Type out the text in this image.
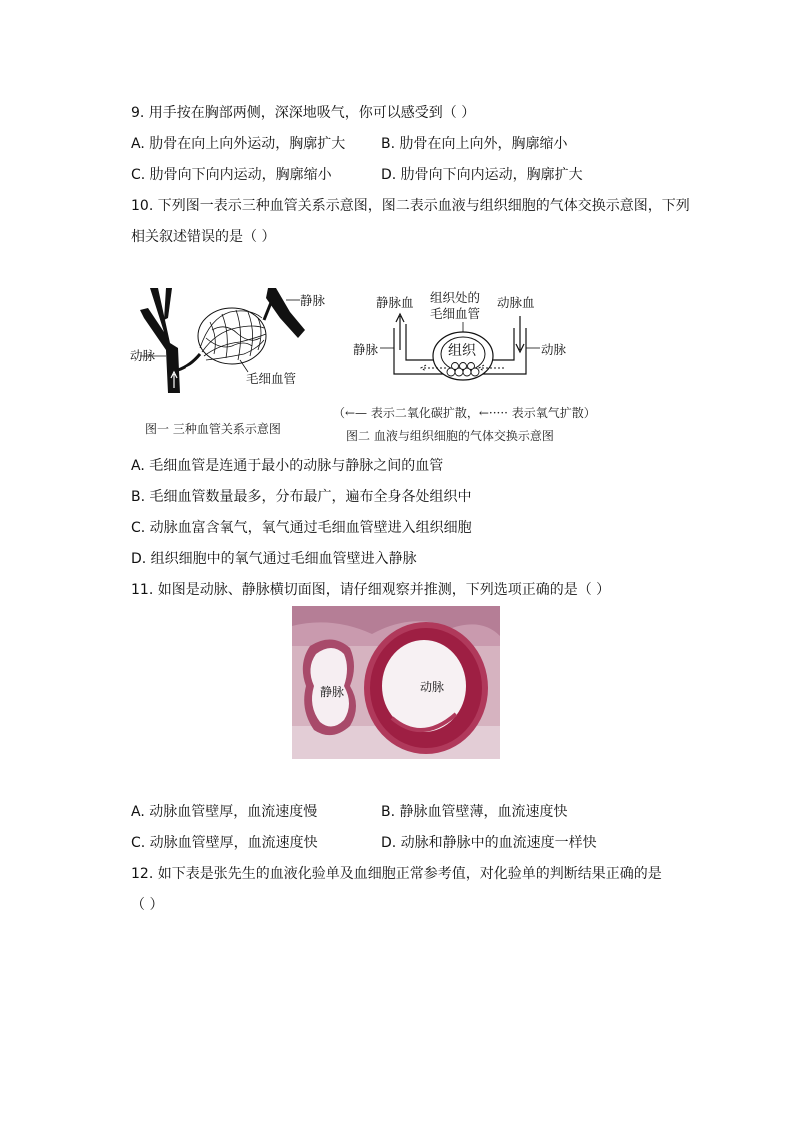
9. 用手按在胸部两侧，深深地吸气，你可以感受到（ ）
A. 肋骨在向上向外运动，胸廓扩大	B. 肋骨在向上向外，胸廓缩小
C. 肋骨向下向内运动，胸廓缩小	D. 肋骨向下向内运动，胸廓扩大
10. 下列图一表示三种血管关系示意图，图二表示血液与组织细胞的气体交换示意图，下列
相关叙述错误的是（ ）
静脉
动脉
毛细血管
图一 三种血管关系示意图
静脉血 组织处的
毛细血管
动脉血
静脉	动脉
组织
（←— 表示二氧化碳扩散，←····· 表示氧气扩散）
图二 血液与组织细胞的气体交换示意图
A. 毛细血管是连通于最小的动脉与静脉之间的血管
B. 毛细血管数量最多，分布最广，遍布全身各处组织中
C. 动脉血富含氧气，氧气通过毛细血管壁进入组织细胞
D. 组织细胞中的氧气通过毛细血管壁进入静脉
11. 如图是动脉、静脉横切面图，请仔细观察并推测，下列选项正确的是（ ）
静脉	动脉
A. 动脉血管壁厚，血流速度慢	B. 静脉血管壁薄，血流速度快
C. 动脉血管壁厚，血流速度快	D. 动脉和静脉中的血流速度一样快
12. 如下表是张先生的血液化验单及血细胞正常参考值，对化验单的判断结果正确的是
（ ）
